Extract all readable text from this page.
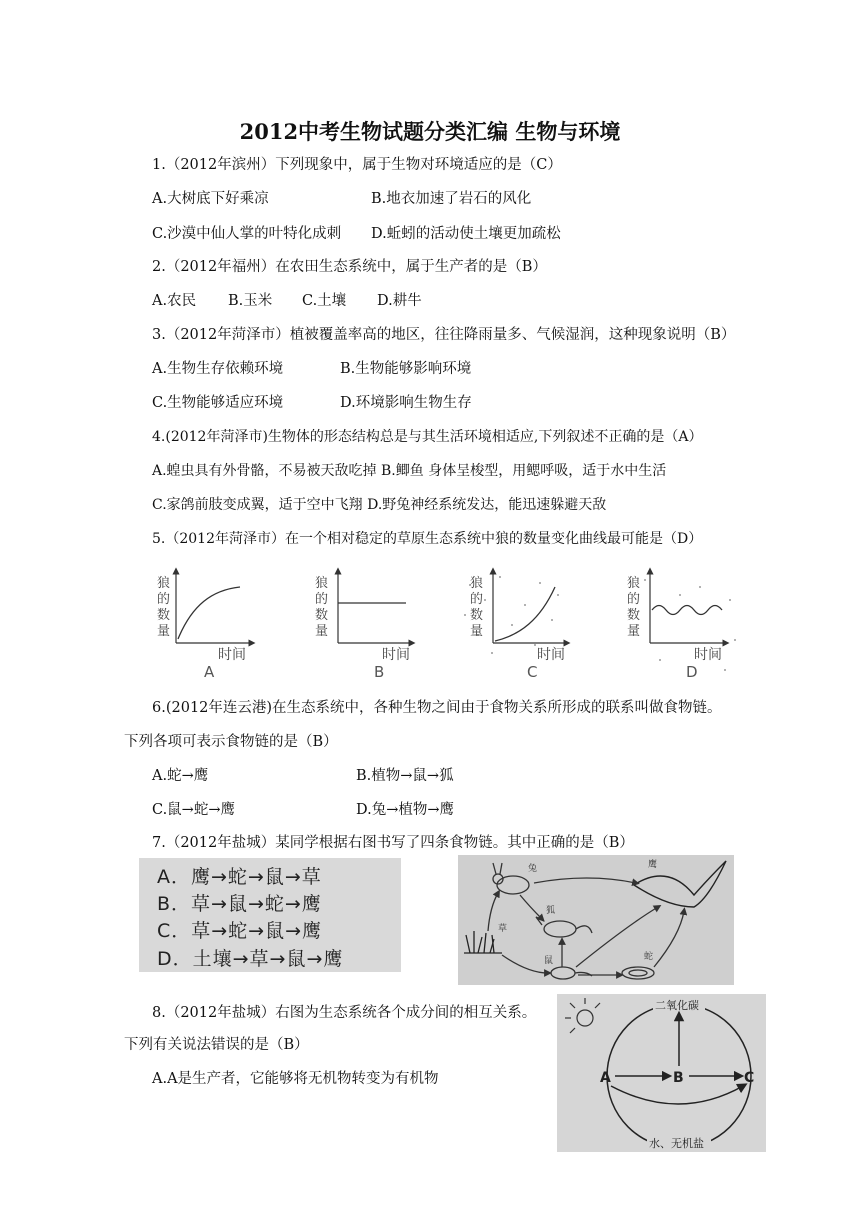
2012中考生物试题分类汇编 生物与环境
1.（2012年滨州）下列现象中，属于生物对环境适应的是（C）
A.大树底下好乘凉	B.地衣加速了岩石的风化
C.沙漠中仙人掌的叶特化成刺 D.蚯蚓的活动使土壤更加疏松
2.（2012年福州）在农田生态系统中，属于生产者的是（B）
A.农民 B.玉米 C.土壤 D.耕牛
3.（2012年菏泽市）植被覆盖率高的地区，往往降雨量多、气候湿润，这种现象说明（B）
A.生物生存依赖环境	B.生物能够影响环境
C.生物能够适应环境	D.环境影响生物生存
4.(2012年菏泽市)生物体的形态结构总是与其生活环境相适应,下列叙述不正确的是（A）
A.蝗虫具有外骨骼，不易被天敌吃掉 B.鲫鱼 身体呈梭型，用鳃呼吸，适于水中生活
C.家鸽前肢变成翼，适于空中飞翔 D.野兔神经系统发达，能迅速躲避天敌
5.（2012年菏泽市）在一个相对稳定的草原生态系统中狼的数量变化曲线最可能是（D）
狼
的
数
量
时间
A
狼
的
数
量
时间
B
狼
的
数
量
时间
C
狼
的
数
量
时间
D
6.(2012年连云港)在生态系统中，各种生物之间由于食物关系所形成的联系叫做食物链。
下列各项可表示食物链的是（B）
A.蛇→鹰	B.植物→鼠→狐
C.鼠→蛇→鹰	D.兔→植物→鹰
7.（2012年盐城）某同学根据右图书写了四条食物链。其中正确的是（B）
A．鹰→蛇→鼠→草
B．草→鼠→蛇→鹰
C．草→蛇→鼠→鹰
D．土壤→草→鼠→鹰
兔
草
狐
鼠	蛇
鹰
8.（2012年盐城）右图为生态系统各个成分间的相互关系。
下列有关说法错误的是（B）
A.A是生产者，它能够将无机物转变为有机物
二氧化碳
水、无机盐
A	B	C
